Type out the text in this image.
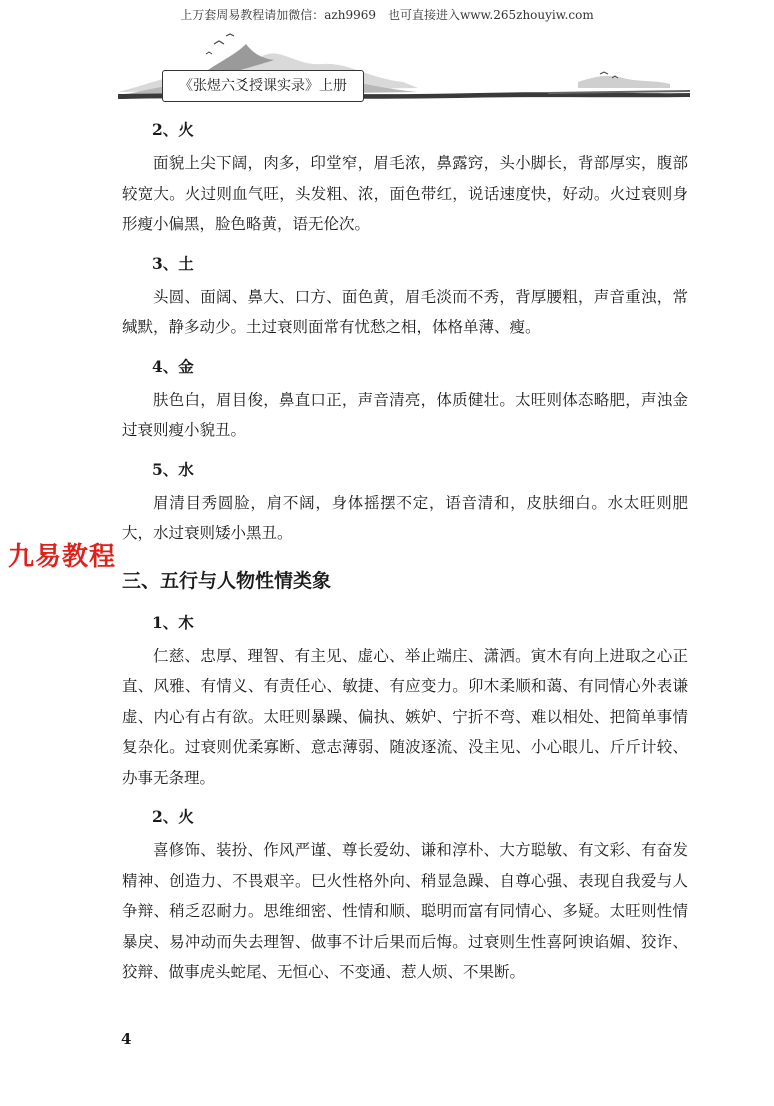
上万套周易教程请加微信：azh9969　也可直接进入www.265zhouyiw.com
《张煜六爻授课实录》上册

2、火

面貌上尖下阔，肉多，印堂窄，眉毛浓，鼻露窍，头小脚长，背部厚实，腹部较宽大。火过则血气旺，头发粗、浓，面色带红，说话速度快，好动。火过衰则身形瘦小偏黑，脸色略黄，语无伦次。

3、土

头圆、面阔、鼻大、口方、面色黄，眉毛淡而不秀，背厚腰粗，声音重浊，常缄默，静多动少。土过衰则面常有忧愁之相，体格单薄、瘦。

4、金

肤色白，眉目俊，鼻直口正，声音清亮，体质健壮。太旺则体态略肥，声浊金过衰则瘦小貌丑。

5、水

眉清目秀圆脸，肩不阔，身体摇摆不定，语音清和，皮肤细白。水太旺则肥大，水过衰则矮小黑丑。

三、五行与人物性情类象

1、木

仁慈、忠厚、理智、有主见、虚心、举止端庄、潇洒。寅木有向上进取之心正直、风雅、有情义、有责任心、敏捷、有应变力。卯木柔顺和蔼、有同情心外表谦虚、内心有占有欲。太旺则暴躁、偏执、嫉妒、宁折不弯、难以相处、把简单事情复杂化。过衰则优柔寡断、意志薄弱、随波逐流、没主见、小心眼儿、斤斤计较、办事无条理。

2、火

喜修饰、装扮、作风严谨、尊长爱幼、谦和淳朴、大方聪敏、有文彩、有奋发精神、创造力、不畏艰辛。巳火性格外向、稍显急躁、自尊心强、表现自我爱与人争辩、稍乏忍耐力。思维细密、性情和顺、聪明而富有同情心、多疑。太旺则性情暴戾、易冲动而失去理智、做事不计后果而后悔。过衰则生性喜阿谀谄媚、狡诈、狡辩、做事虎头蛇尾、无恒心、不变通、惹人烦、不果断。

九易教程
4
